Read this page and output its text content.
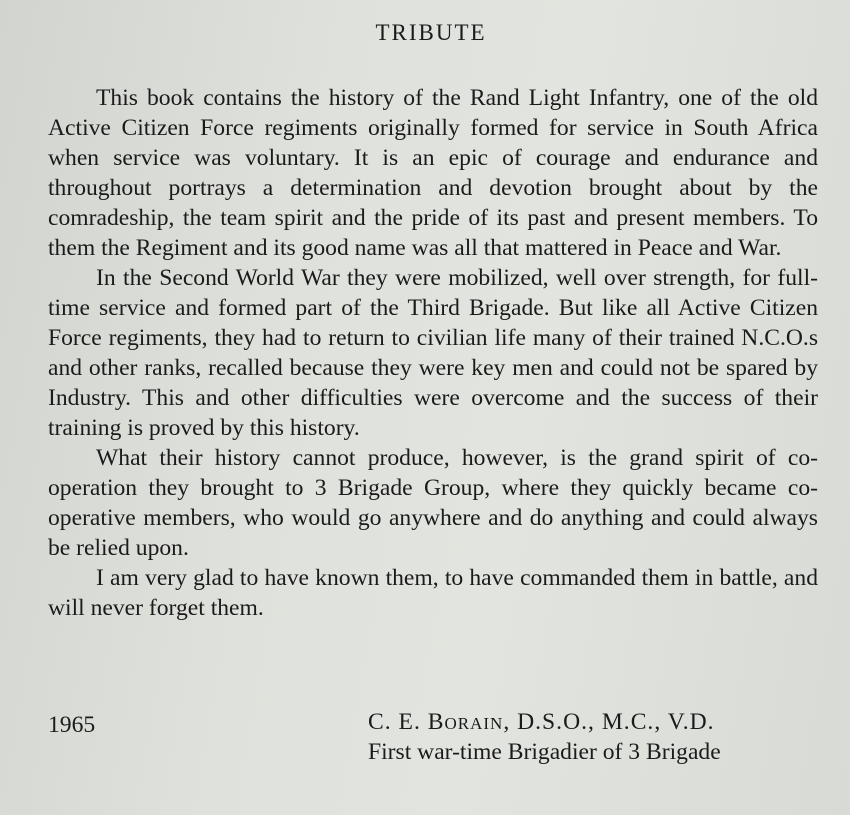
TRIBUTE

This book contains the history of the Rand Light Infantry, one of the old Active Citizen Force regiments originally formed for service in South Africa when service was voluntary. It is an epic of courage and endurance and throughout portrays a determination and devotion brought about by the comradeship, the team spirit and the pride of its past and present members. To them the Regiment and its good name was all that mattered in Peace and War.

In the Second World War they were mobilized, well over strength, for full-time service and formed part of the Third Brigade. But like all Active Citizen Force regiments, they had to return to civilian life many of their trained N.C.O.s and other ranks, recalled because they were key men and could not be spared by Industry. This and other difficulties were overcome and the success of their training is proved by this history.

What their history cannot produce, however, is the grand spirit of co-operation they brought to 3 Brigade Group, where they quickly became co-operative members, who would go anywhere and do anything and could always be relied upon.

I am very glad to have known them, to have commanded them in battle, and will never forget them.

1965	C. E. Borain, D.S.O., M.C., V.D.
First war-time Brigadier of 3 Brigade
